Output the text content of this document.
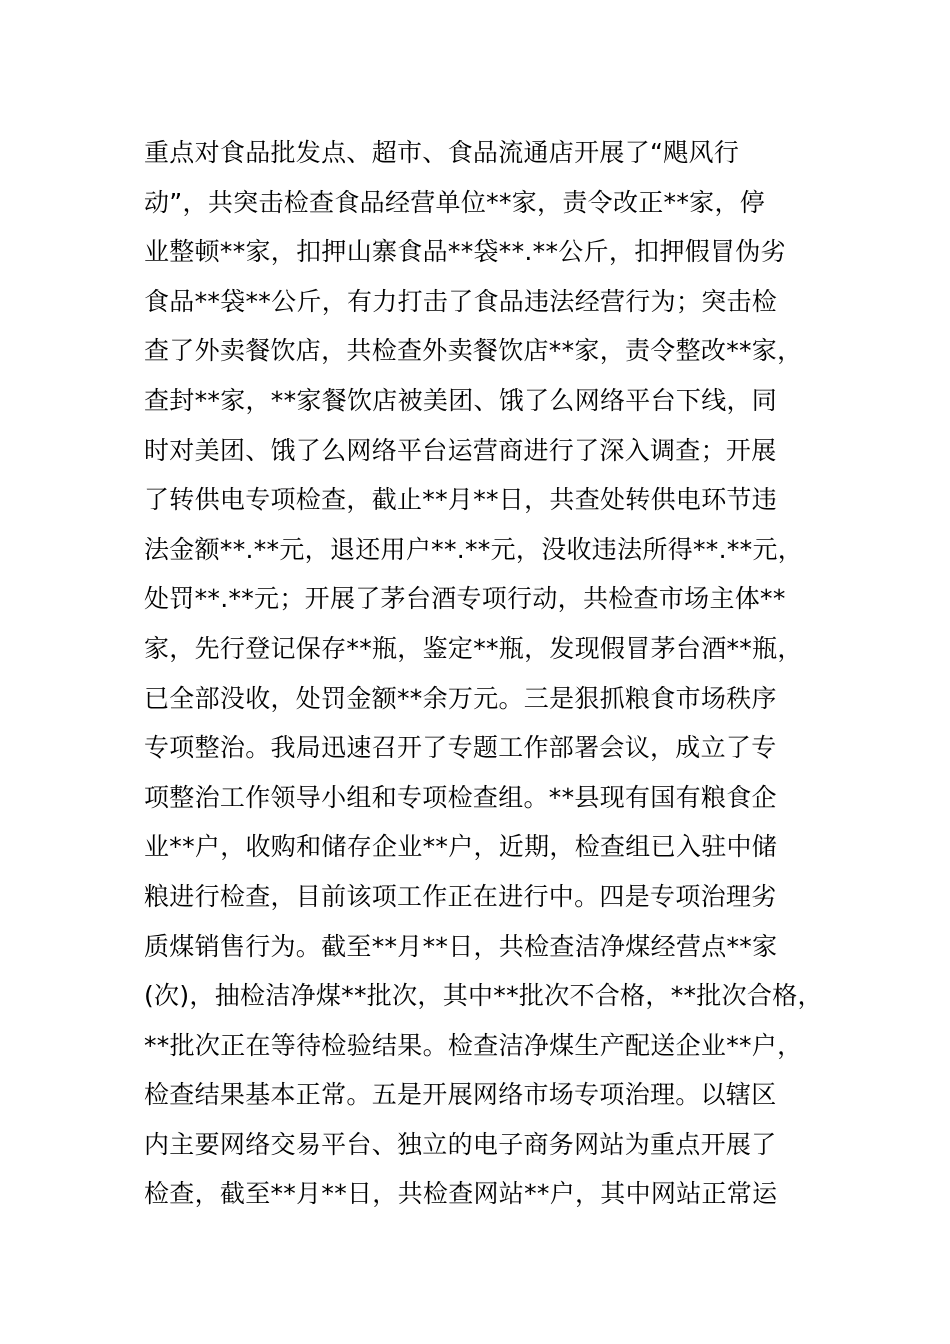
重点对食品批发点、超市、食品流通店开展了“飓风行
动”，共突击检查食品经营单位**家，责令改正**家，停
业整顿**家，扣押山寨食品**袋**.**公斤，扣押假冒伪劣
食品**袋**公斤，有力打击了食品违法经营行为；突击检
查了外卖餐饮店，共检查外卖餐饮店**家，责令整改**家，
查封**家，**家餐饮店被美团、饿了么网络平台下线，同
时对美团、饿了么网络平台运营商进行了深入调查；开展
了转供电专项检查，截止**月**日，共查处转供电环节违
法金额**.**元，退还用户**.**元，没收违法所得**.**元，
处罚**.**元；开展了茅台酒专项行动，共检查市场主体**
家，先行登记保存**瓶，鉴定**瓶，发现假冒茅台酒**瓶，
已全部没收，处罚金额**余万元。三是狠抓粮食市场秩序
专项整治。我局迅速召开了专题工作部署会议，成立了专
项整治工作领导小组和专项检查组。**县现有国有粮食企
业**户，收购和储存企业**户，近期，检查组已入驻中储
粮进行检查，目前该项工作正在进行中。四是专项治理劣
质煤销售行为。截至**月**日，共检查洁净煤经营点**家
(次)，抽检洁净煤**批次，其中**批次不合格，**批次合格，
**批次正在等待检验结果。检查洁净煤生产配送企业**户，
检查结果基本正常。五是开展网络市场专项治理。以辖区
内主要网络交易平台、独立的电子商务网站为重点开展了
检查，截至**月**日，共检查网站**户，其中网站正常运
